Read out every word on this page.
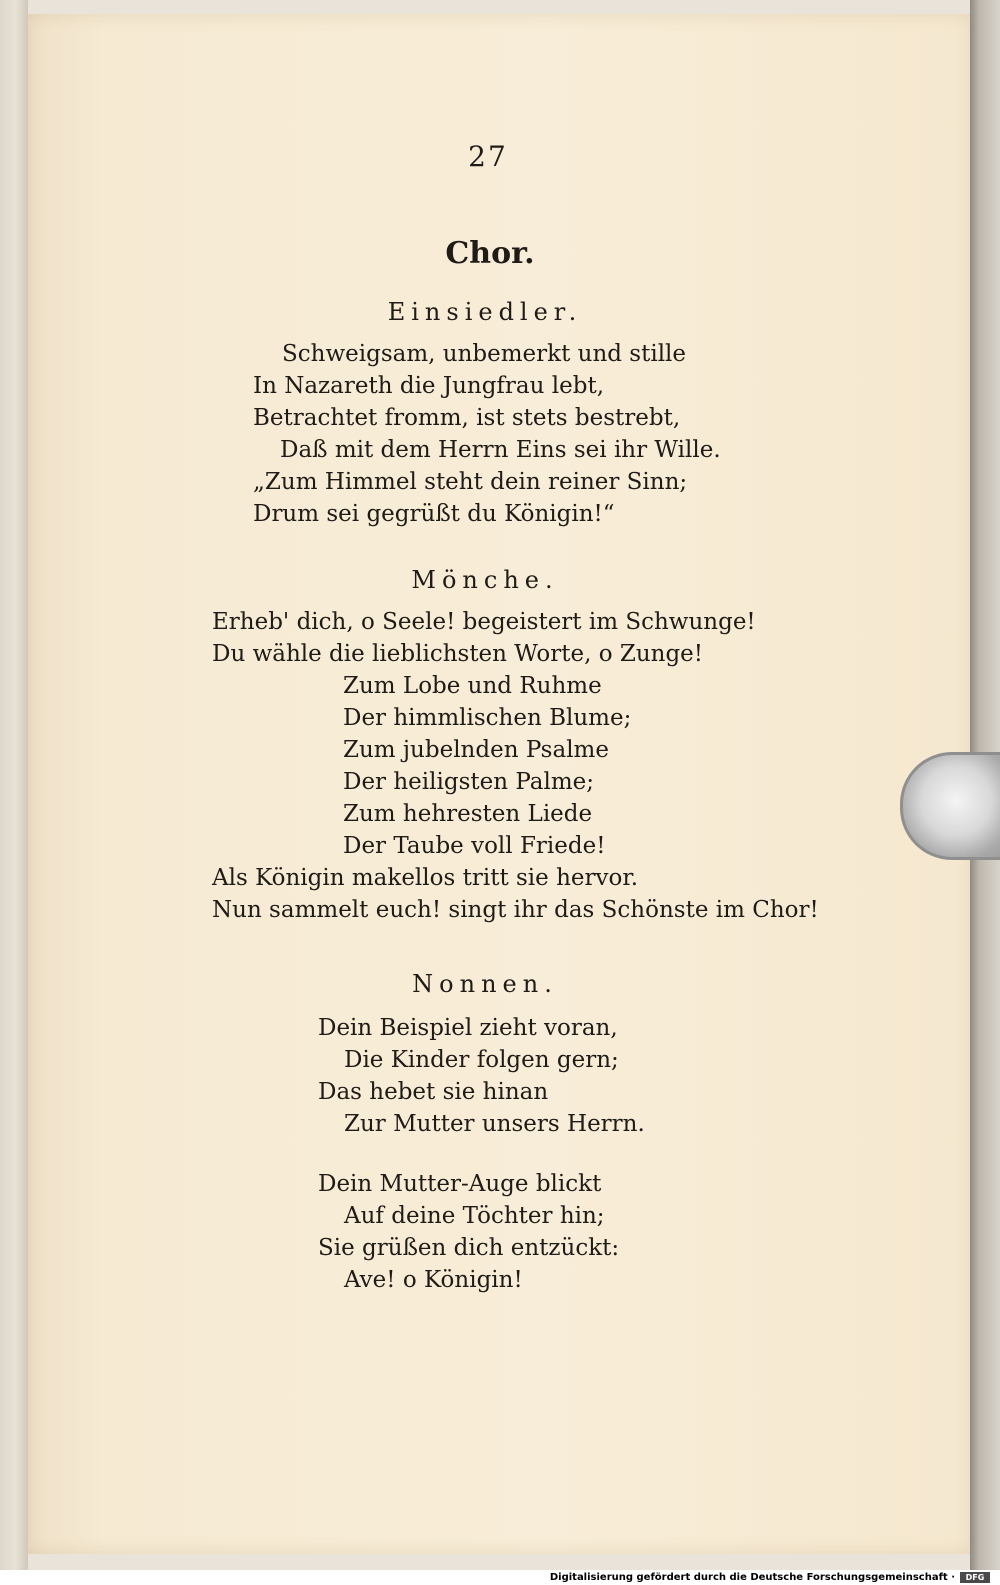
27
Chor.
Einsiedler.
Schweigsam, unbemerkt und stille
In Nazareth die Jungfrau lebt,
Betrachtet fromm, ist stets bestrebt,
Daß mit dem Herrn Eins sei ihr Wille.
„Zum Himmel steht dein reiner Sinn;
Drum sei gegrüßt du Königin!“
Mönche.
Erheb' dich, o Seele! begeistert im Schwunge!
Du wähle die lieblichsten Worte, o Zunge!
Zum Lobe und Ruhme
Der himmlischen Blume;
Zum jubelnden Psalme
Der heiligsten Palme;
Zum hehresten Liede
Der Taube voll Friede!
Als Königin makellos tritt sie hervor.
Nun sammelt euch! singt ihr das Schönste im Chor!
Nonnen.
Dein Beispiel zieht voran,
Die Kinder folgen gern;
Das hebet sie hinan
Zur Mutter unsers Herrn.
Dein Mutter-Auge blickt
Auf deine Töchter hin;
Sie grüßen dich entzückt:
Ave! o Königin!
Digitalisierung gefördert durch die Deutsche Forschungsgemeinschaft ·	DFG
